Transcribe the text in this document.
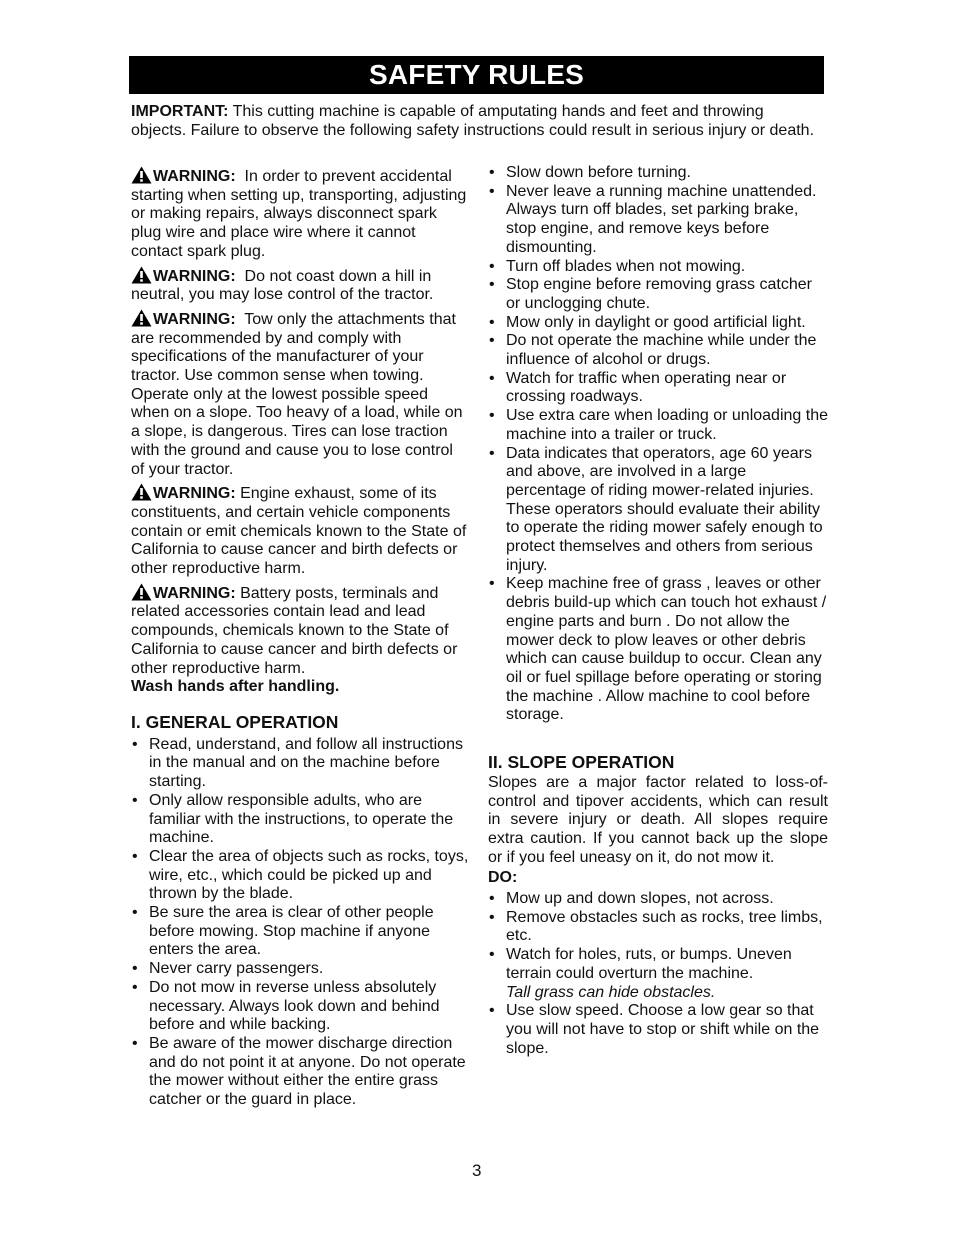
SAFETY RULES
IMPORTANT: This cutting machine is capable of amputating hands and feet and throwing objects. Failure to observe the following safety instructions could result in serious injury or death.
WARNING: In order to prevent accidental starting when setting up, transporting, adjusting or making repairs, always disconnect spark plug wire and place wire where it cannot contact spark plug.
WARNING: Do not coast down a hill in neutral, you may lose control of the tractor.
WARNING: Tow only the attachments that are recommended by and comply with specifications of the manufacturer of your tractor. Use common sense when towing. Operate only at the lowest possible speed when on a slope. Too heavy of a load, while on a slope, is dangerous. Tires can lose traction with the ground and cause you to lose control of your tractor.
WARNING: Engine exhaust, some of its constituents, and certain vehicle components contain or emit chemicals known to the State of California to cause cancer and birth defects or other reproductive harm.
WARNING: Battery posts, terminals and related accessories contain lead and lead compounds, chemicals known to the State of California to cause cancer and birth defects or other reproductive harm.
Wash hands after handling.
I. GENERAL OPERATION
• Read, understand, and follow all instructions in the manual and on the machine before starting.
• Only allow responsible adults, who are familiar with the instructions, to operate the machine.
• Clear the area of objects such as rocks, toys, wire, etc., which could be picked up and thrown by the blade.
• Be sure the area is clear of other people before mowing. Stop machine if anyone enters the area.
• Never carry passengers.
• Do not mow in reverse unless absolutely necessary. Always look down and behind before and while backing.
• Be aware of the mower discharge direction and do not point it at anyone. Do not operate the mower without either the entire grass catcher or the guard in place.
• Slow down before turning.
• Never leave a running machine unattended. Always turn off blades, set parking brake, stop engine, and remove keys before dismounting.
• Turn off blades when not mowing.
• Stop engine before removing grass catcher or unclogging chute.
• Mow only in daylight or good artificial light.
• Do not operate the machine while under the influence of alcohol or drugs.
• Watch for traffic when operating near or crossing roadways.
• Use extra care when loading or unloading the machine into a trailer or truck.
• Data indicates that operators, age 60 years and above, are involved in a large percentage of riding mower-related injuries. These operators should evaluate their ability to operate the riding mower safely enough to protect themselves and others from serious injury.
• Keep machine free of grass , leaves or other debris build-up which can touch hot exhaust / engine parts and burn . Do not allow the mower deck to plow leaves or other debris which can cause buildup to occur. Clean any oil or fuel spillage before operating or storing the machine . Allow machine to cool before storage.
II. SLOPE OPERATION
Slopes are a major factor related to loss-of-control and tipover accidents, which can result in severe injury or death. All slopes require extra caution. If you cannot back up the slope or if you feel uneasy on it, do not mow it.
DO:
• Mow up and down slopes, not across.
• Remove obstacles such as rocks, tree limbs, etc.
• Watch for holes, ruts, or bumps. Uneven terrain could overturn the machine.
Tall grass can hide obstacles.
• Use slow speed. Choose a low gear so that you will not have to stop or shift while on the slope.
3
